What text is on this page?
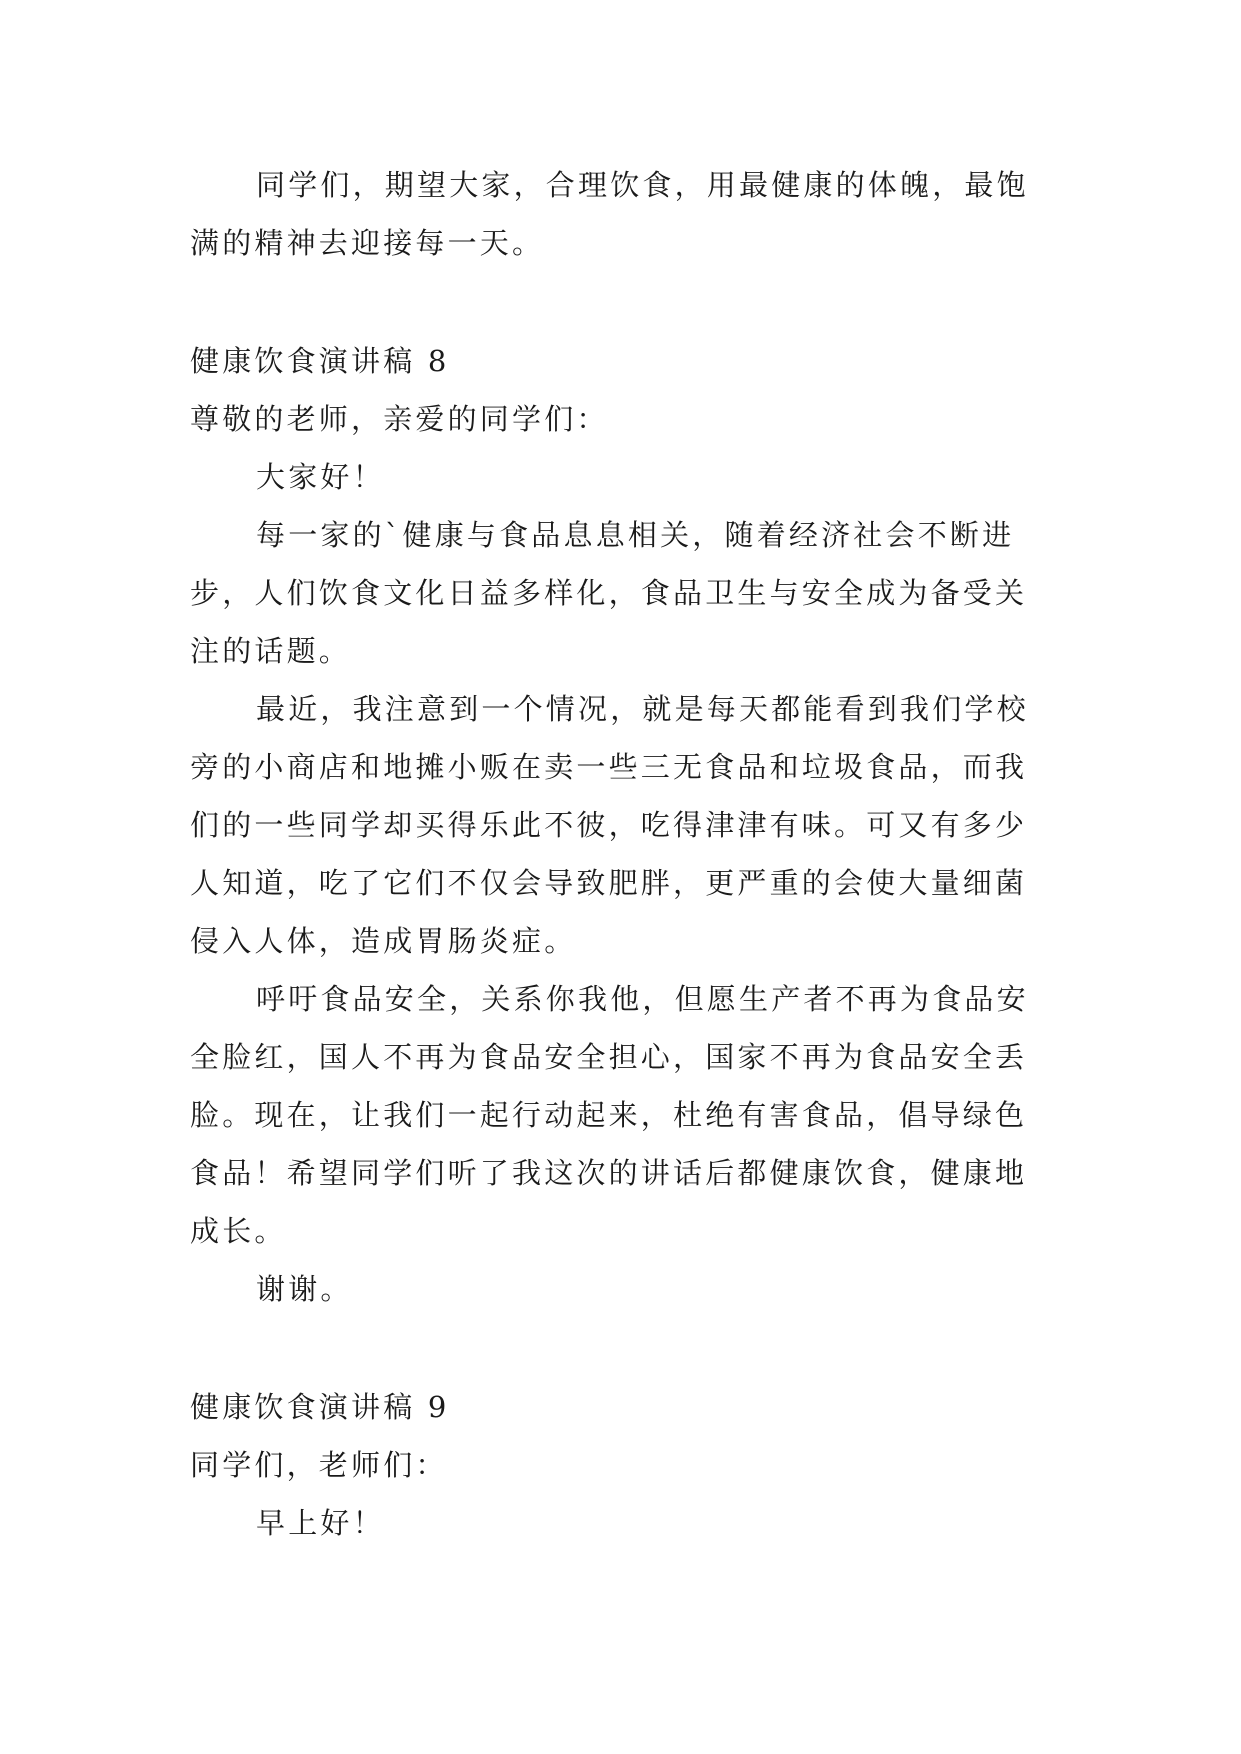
同学们，期望大家，合理饮食，用最健康的体魄，最饱
满的精神去迎接每一天。
健康饮食演讲稿 8
尊敬的老师，亲爱的同学们：
大家好！
每一家的`健康与食品息息相关，随着经济社会不断进
步，人们饮食文化日益多样化，食品卫生与安全成为备受关
注的话题。
最近，我注意到一个情况，就是每天都能看到我们学校
旁的小商店和地摊小贩在卖一些三无食品和垃圾食品，而我
们的一些同学却买得乐此不彼，吃得津津有味。可又有多少
人知道，吃了它们不仅会导致肥胖，更严重的会使大量细菌
侵入人体，造成胃肠炎症。
呼吁食品安全，关系你我他，但愿生产者不再为食品安
全脸红，国人不再为食品安全担心，国家不再为食品安全丢
脸。现在，让我们一起行动起来，杜绝有害食品，倡导绿色
食品！希望同学们听了我这次的讲话后都健康饮食，健康地
成长。
谢谢。
健康饮食演讲稿 9
同学们，老师们：
早上好！
